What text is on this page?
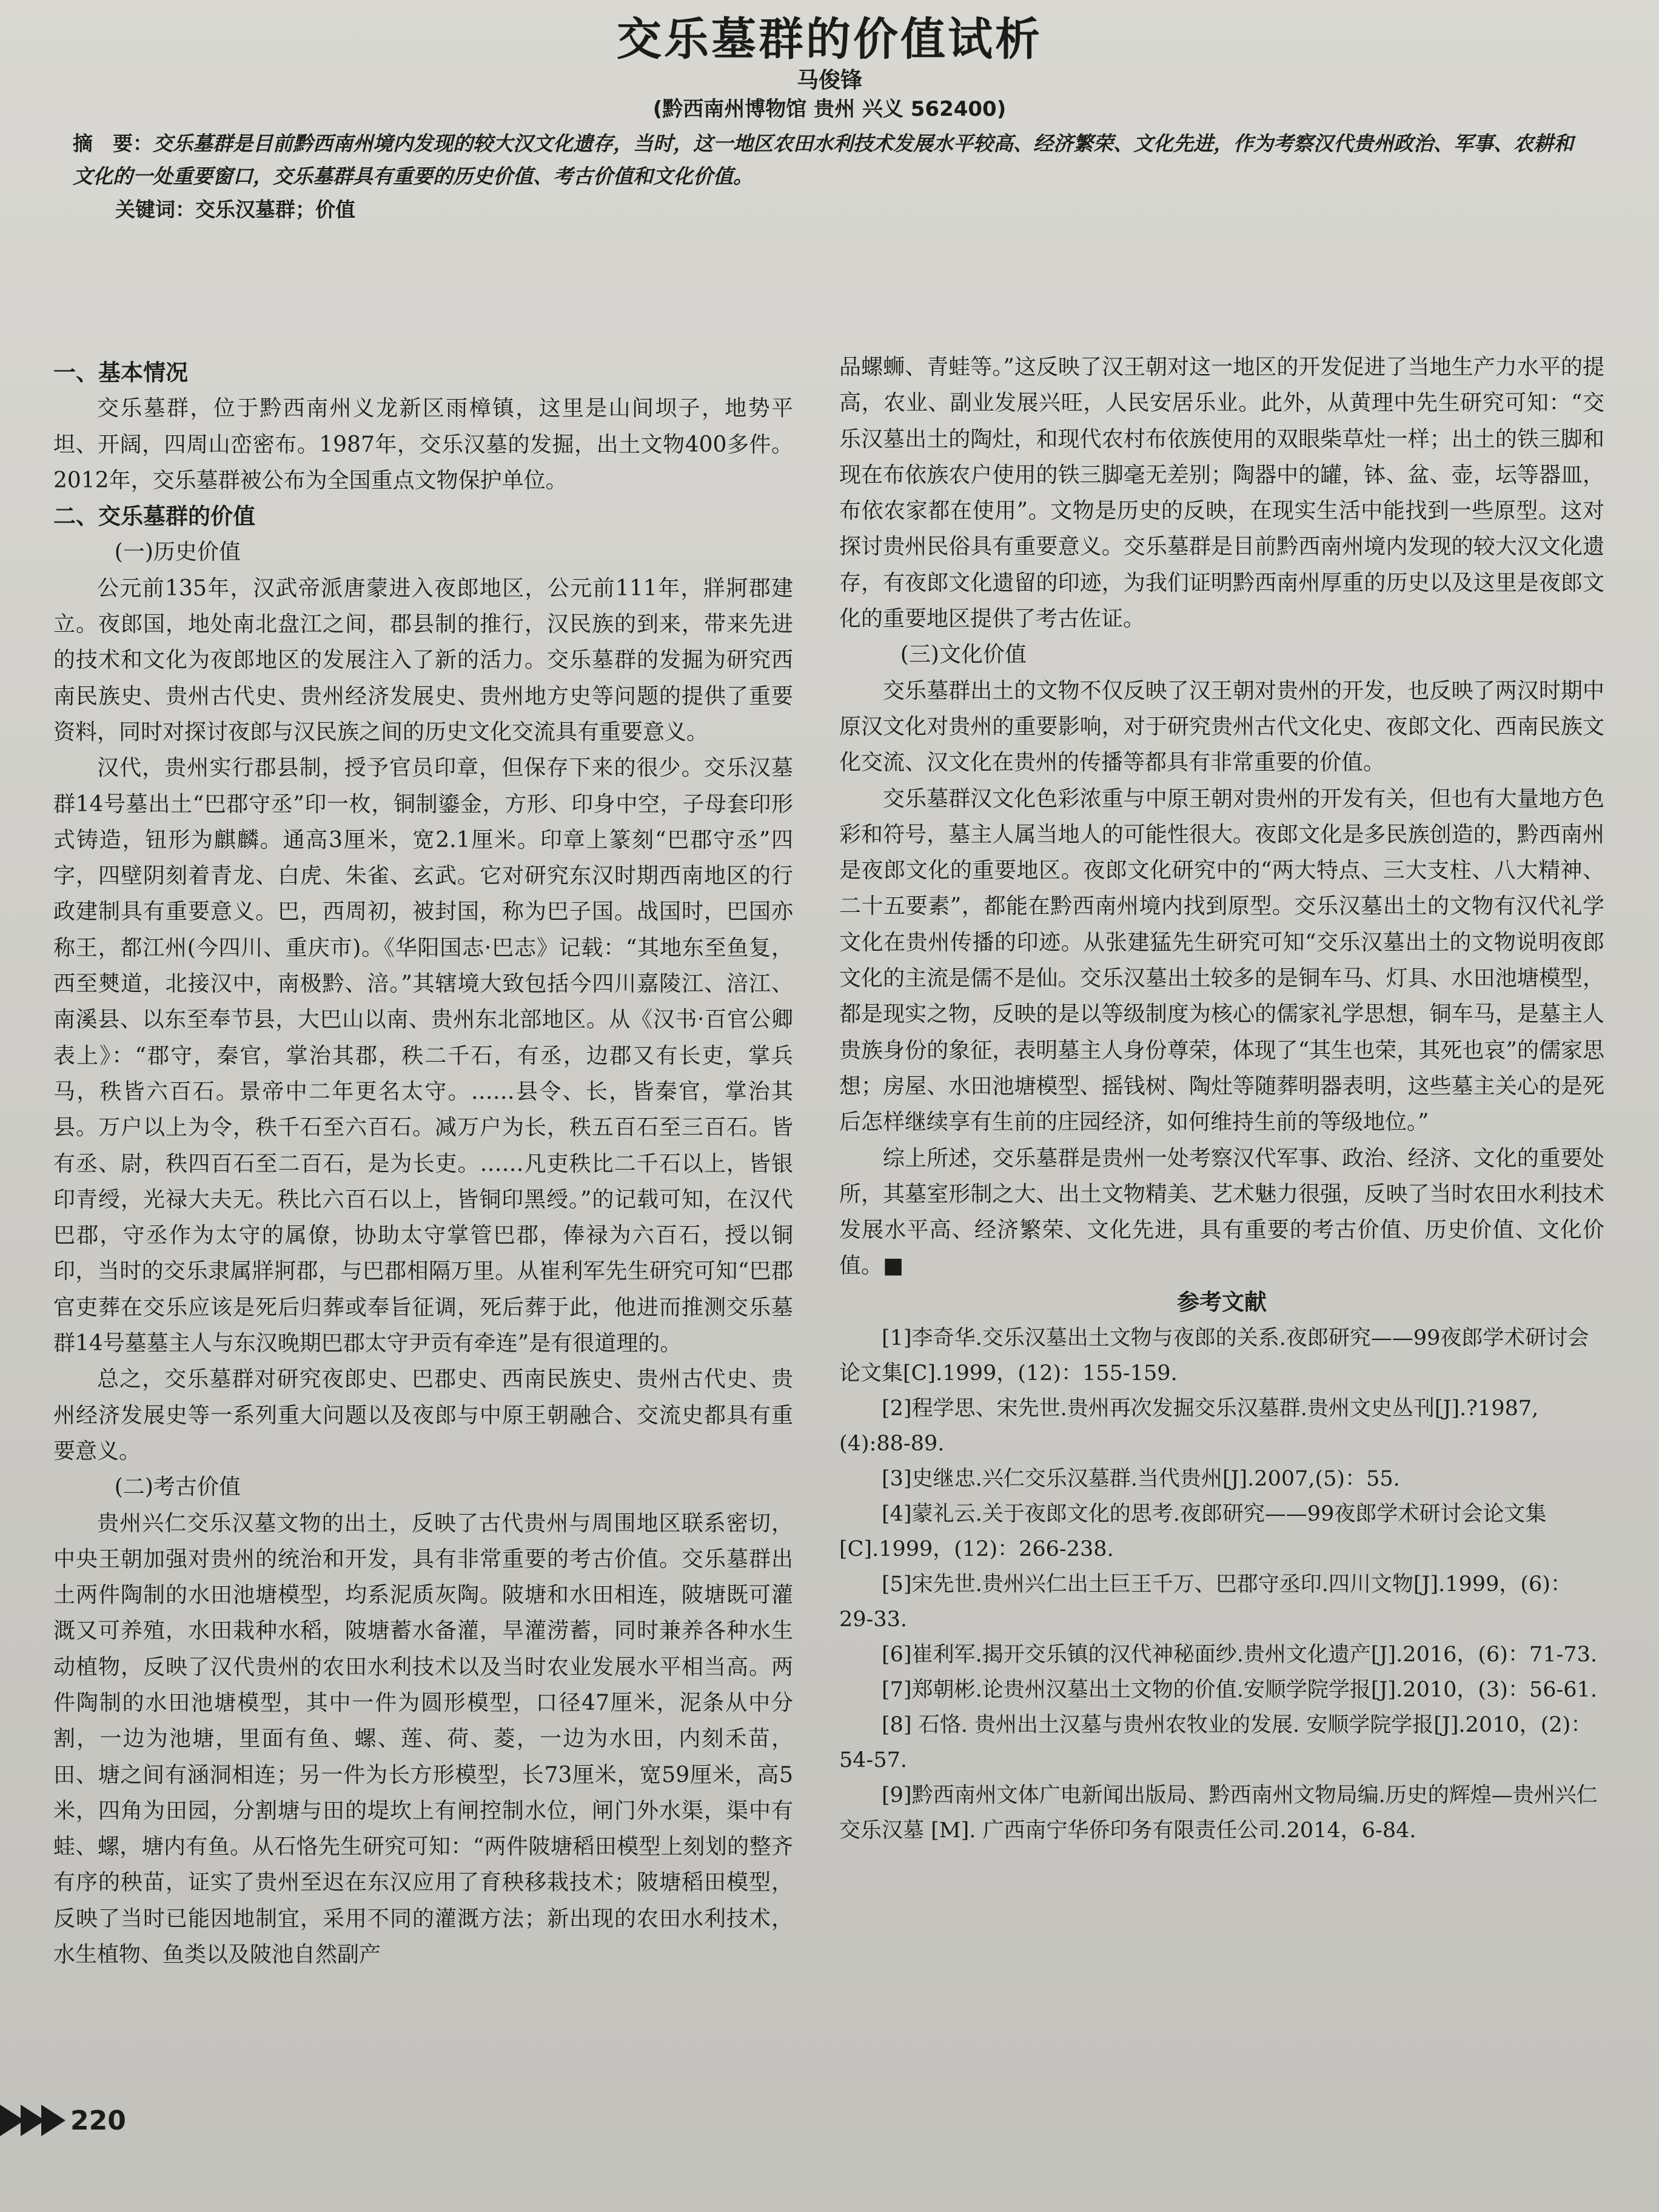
交乐墓群的价值试析
马俊锋
(黔西南州博物馆 贵州 兴义 562400)
摘　要：交乐墓群是目前黔西南州境内发现的较大汉文化遗存，当时，这一地区农田水利技术发展水平较高、经济繁荣、文化先进，作为考察汉代贵州政治、军事、农耕和文化的一处重要窗口，交乐墓群具有重要的历史价值、考古价值和文化价值。
关键词：交乐汉墓群；价值
一、基本情况

交乐墓群，位于黔西南州义龙新区雨樟镇，这里是山间坝子，地势平坦、开阔，四周山峦密布。1987年，交乐汉墓的发掘，出土文物400多件。2012年，交乐墓群被公布为全国重点文物保护单位。

二、交乐墓群的价值
(一)历史价值

公元前135年，汉武帝派唐蒙进入夜郎地区，公元前111年，牂牁郡建立。夜郎国，地处南北盘江之间，郡县制的推行，汉民族的到来，带来先进的技术和文化为夜郎地区的发展注入了新的活力。交乐墓群的发掘为研究西南民族史、贵州古代史、贵州经济发展史、贵州地方史等问题的提供了重要资料，同时对探讨夜郎与汉民族之间的历史文化交流具有重要意义。

汉代，贵州实行郡县制，授予官员印章，但保存下来的很少。交乐汉墓群14号墓出土“巴郡守丞”印一枚，铜制鎏金，方形、印身中空，子母套印形式铸造，钮形为麒麟。通高3厘米，宽2.1厘米。印章上篆刻“巴郡守丞”四字，四壁阴刻着青龙、白虎、朱雀、玄武。它对研究东汉时期西南地区的行政建制具有重要意义。巴，西周初，被封国，称为巴子国。战国时，巴国亦称王，都江州(今四川、重庆市)。《华阳国志·巴志》记载：“其地东至鱼复，西至僰道，北接汉中，南极黔、涪。”其辖境大致包括今四川嘉陵江、涪江、南溪县、以东至奉节县，大巴山以南、贵州东北部地区。从《汉书·百官公卿表上》：“郡守，秦官，掌治其郡，秩二千石，有丞，边郡又有长吏，掌兵马，秩皆六百石。景帝中二年更名太守。……县令、长，皆秦官，掌治其县。万户以上为令，秩千石至六百石。减万户为长，秩五百石至三百石。皆有丞、尉，秩四百石至二百石，是为长吏。……凡吏秩比二千石以上，皆银印青绶，光禄大夫无。秩比六百石以上，皆铜印黑绶。”的记载可知，在汉代巴郡，守丞作为太守的属僚，协助太守掌管巴郡，俸禄为六百石，授以铜印，当时的交乐隶属牂牁郡，与巴郡相隔万里。从崔利军先生研究可知“巴郡官吏葬在交乐应该是死后归葬或奉旨征调，死后葬于此，他进而推测交乐墓群14号墓墓主人与东汉晚期巴郡太守尹贡有牵连”是有很道理的。

总之，交乐墓群对研究夜郎史、巴郡史、西南民族史、贵州古代史、贵州经济发展史等一系列重大问题以及夜郎与中原王朝融合、交流史都具有重要意义。

(二)考古价值

贵州兴仁交乐汉墓文物的出土，反映了古代贵州与周围地区联系密切，中央王朝加强对贵州的统治和开发，具有非常重要的考古价值。交乐墓群出土两件陶制的水田池塘模型，均系泥质灰陶。陂塘和水田相连，陂塘既可灌溉又可养殖，水田栽种水稻，陂塘蓄水备灌，旱灌涝蓄，同时兼养各种水生动植物，反映了汉代贵州的农田水利技术以及当时农业发展水平相当高。两件陶制的水田池塘模型，其中一件为圆形模型，口径47厘米，泥条从中分割，一边为池塘，里面有鱼、螺、莲、荷、菱，一边为水田，内刻禾苗，田、塘之间有涵洞相连；另一件为长方形模型，长73厘米，宽59厘米，高5米，四角为田园，分割塘与田的堤坎上有闸控制水位，闸门外水渠，渠中有蛙、螺，塘内有鱼。从石恪先生研究可知：“两件陂塘稻田模型上刻划的整齐有序的秧苗，证实了贵州至迟在东汉应用了育秧移栽技术；陂塘稻田模型，反映了当时已能因地制宜，采用不同的灌溉方法；新出现的农田水利技术，水生植物、鱼类以及陂池自然副产

品螺蛳、青蛙等。”这反映了汉王朝对这一地区的开发促进了当地生产力水平的提高，农业、副业发展兴旺，人民安居乐业。此外，从黄理中先生研究可知：“交乐汉墓出土的陶灶，和现代农村布依族使用的双眼柴草灶一样；出土的铁三脚和现在布依族农户使用的铁三脚毫无差别；陶器中的罐，钵、盆、壶，坛等器皿，布依农家都在使用”。文物是历史的反映，在现实生活中能找到一些原型。这对探讨贵州民俗具有重要意义。交乐墓群是目前黔西南州境内发现的较大汉文化遗存，有夜郎文化遗留的印迹，为我们证明黔西南州厚重的历史以及这里是夜郎文化的重要地区提供了考古佐证。

(三)文化价值

交乐墓群出土的文物不仅反映了汉王朝对贵州的开发，也反映了两汉时期中原汉文化对贵州的重要影响，对于研究贵州古代文化史、夜郎文化、西南民族文化交流、汉文化在贵州的传播等都具有非常重要的价值。

交乐墓群汉文化色彩浓重与中原王朝对贵州的开发有关，但也有大量地方色彩和符号，墓主人属当地人的可能性很大。夜郎文化是多民族创造的，黔西南州是夜郎文化的重要地区。夜郎文化研究中的“两大特点、三大支柱、八大精神、二十五要素”，都能在黔西南州境内找到原型。交乐汉墓出土的文物有汉代礼学文化在贵州传播的印迹。从张建猛先生研究可知“交乐汉墓出土的文物说明夜郎文化的主流是儒不是仙。交乐汉墓出土较多的是铜车马、灯具、水田池塘模型，都是现实之物，反映的是以等级制度为核心的儒家礼学思想，铜车马，是墓主人贵族身份的象征，表明墓主人身份尊荣，体现了“其生也荣，其死也哀”的儒家思想；房屋、水田池塘模型、摇钱树、陶灶等随葬明器表明，这些墓主关心的是死后怎样继续享有生前的庄园经济，如何维持生前的等级地位。”

综上所述，交乐墓群是贵州一处考察汉代军事、政治、经济、文化的重要处所，其墓室形制之大、出土文物精美、艺术魅力很强，反映了当时农田水利技术发展水平高、经济繁荣、文化先进，具有重要的考古价值、历史价值、文化价值。■

参考文献

[1]李奇华.交乐汉墓出土文物与夜郎的关系.夜郎研究——99夜郎学术研讨会论文集[C].1999，(12)：155-159.

[2]程学思、宋先世.贵州再次发掘交乐汉墓群.贵州文史丛刊[J].?1987,(4):88-89.

[3]史继忠.兴仁交乐汉墓群.当代贵州[J].2007,(5)：55.

[4]蒙礼云.关于夜郎文化的思考.夜郎研究——99夜郎学术研讨会论文集[C].1999，(12)：266-238.

[5]宋先世.贵州兴仁出土巨王千万、巴郡守丞印.四川文物[J].1999，(6)：29-33.

[6]崔利军.揭开交乐镇的汉代神秘面纱.贵州文化遗产[J].2016，(6)：71-73.

[7]郑朝彬.论贵州汉墓出土文物的价值.安顺学院学报[J].2010，(3)：56-61.

[8] 石恪. 贵州出土汉墓与贵州农牧业的发展. 安顺学院学报[J].2010，(2)：54-57.

[9]黔西南州文体广电新闻出版局、黔西南州文物局编.历史的辉煌—贵州兴仁交乐汉墓 [M]. 广西南宁华侨印务有限责任公司.2014，6-84.

220
